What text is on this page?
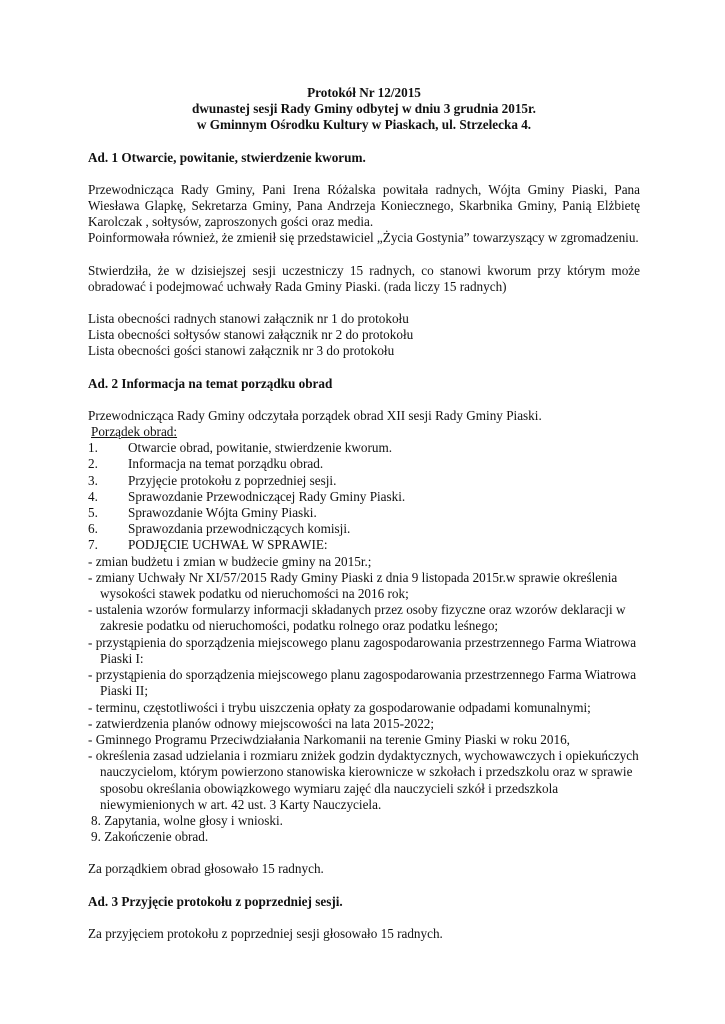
Protokół Nr 12/2015
dwunastej sesji Rady Gminy odbytej w dniu 3 grudnia 2015r.
w Gminnym Ośrodku Kultury w Piaskach, ul. Strzelecka 4.
Ad. 1 Otwarcie, powitanie, stwierdzenie kworum.

Przewodnicząca Rady Gminy, Pani Irena Różalska powitała radnych, Wójta Gminy Piaski, Pana Wiesława Glapkę, Sekretarza Gminy, Pana Andrzeja Koniecznego, Skarbnika Gminy, Panią Elżbietę Karolczak , sołtysów, zaproszonych gości oraz media.

Poinformowała również, że zmienił się przedstawiciel „Życia Gostynia” towarzyszący w zgromadzeniu.

Stwierdziła, że w dzisiejszej sesji uczestniczy 15 radnych, co stanowi kworum przy którym może obradować i podejmować uchwały Rada Gminy Piaski. (rada liczy 15 radnych)

Lista obecności radnych stanowi załącznik nr 1 do protokołu

Lista obecności sołtysów stanowi załącznik nr 2 do protokołu

Lista obecności gości stanowi załącznik nr 3 do protokołu

Ad. 2 Informacja na temat porządku obrad

Przewodnicząca Rady Gminy odczytała porządek obrad XII sesji Rady Gminy Piaski.

Porządek obrad:

1.	Otwarcie obrad, powitanie, stwierdzenie kworum.
2.	Informacja na temat porządku obrad.
3.	Przyjęcie protokołu z poprzedniej sesji.
4.	Sprawozdanie Przewodniczącej Rady Gminy Piaski.
5.	Sprawozdanie Wójta Gminy Piaski.
6.	Sprawozdania przewodniczących komisji.
7.	PODJĘCIE UCHWAŁ W SPRAWIE:
- zmian budżetu i zmian w budżecie gminy na 2015r.;
- zmiany Uchwały Nr XI/57/2015 Rady Gminy Piaski z dnia 9 listopada 2015r.w sprawie określenia wysokości stawek podatku od nieruchomości na 2016 rok;
- ustalenia wzorów formularzy informacji składanych przez osoby fizyczne oraz wzorów deklaracji w zakresie podatku od nieruchomości, podatku rolnego oraz podatku leśnego;
- przystąpienia do sporządzenia miejscowego planu zagospodarowania przestrzennego Farma Wiatrowa Piaski I:
- przystąpienia do sporządzenia miejscowego planu zagospodarowania przestrzennego Farma Wiatrowa Piaski II;
- terminu, częstotliwości i trybu uiszczenia opłaty za gospodarowanie odpadami komunalnymi;
- zatwierdzenia planów odnowy miejscowości na lata 2015-2022;
- Gminnego Programu Przeciwdziałania Narkomanii na terenie Gminy Piaski w roku 2016,
- określenia zasad udzielania i rozmiaru zniżek godzin dydaktycznych, wychowawczych i opiekuńczych nauczycielom, którym powierzono stanowiska kierownicze w szkołach i przedszkolu oraz w sprawie sposobu określania obowiązkowego wymiaru zajęć dla nauczycieli szkół i przedszkola niewymienionych w art. 42 ust. 3 Karty Nauczyciela.

8. Zapytania, wolne głosy i wnioski.

9. Zakończenie obrad.

Za porządkiem obrad głosowało 15 radnych.

Ad. 3 Przyjęcie protokołu z poprzedniej sesji.

Za przyjęciem protokołu z poprzedniej sesji głosowało 15 radnych.
